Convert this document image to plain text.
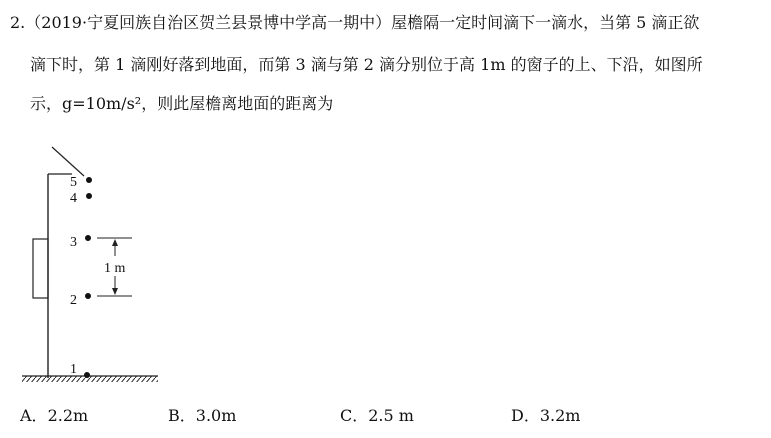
2.（2019·宁夏回族自治区贺兰县景博中学高一期中）屋檐隔一定时间滴下一滴水，当第 5 滴正欲
滴下时，第 1 滴刚好落到地面，而第 3 滴与第 2 滴分别位于高 1m 的窗子的上、下沿，如图所
示，g=10m/s²，则此屋檐离地面的距离为
5
4
3
2
1
1 m
A．2.2m	B．3.0m	C．2.5 m	D．3.2m
